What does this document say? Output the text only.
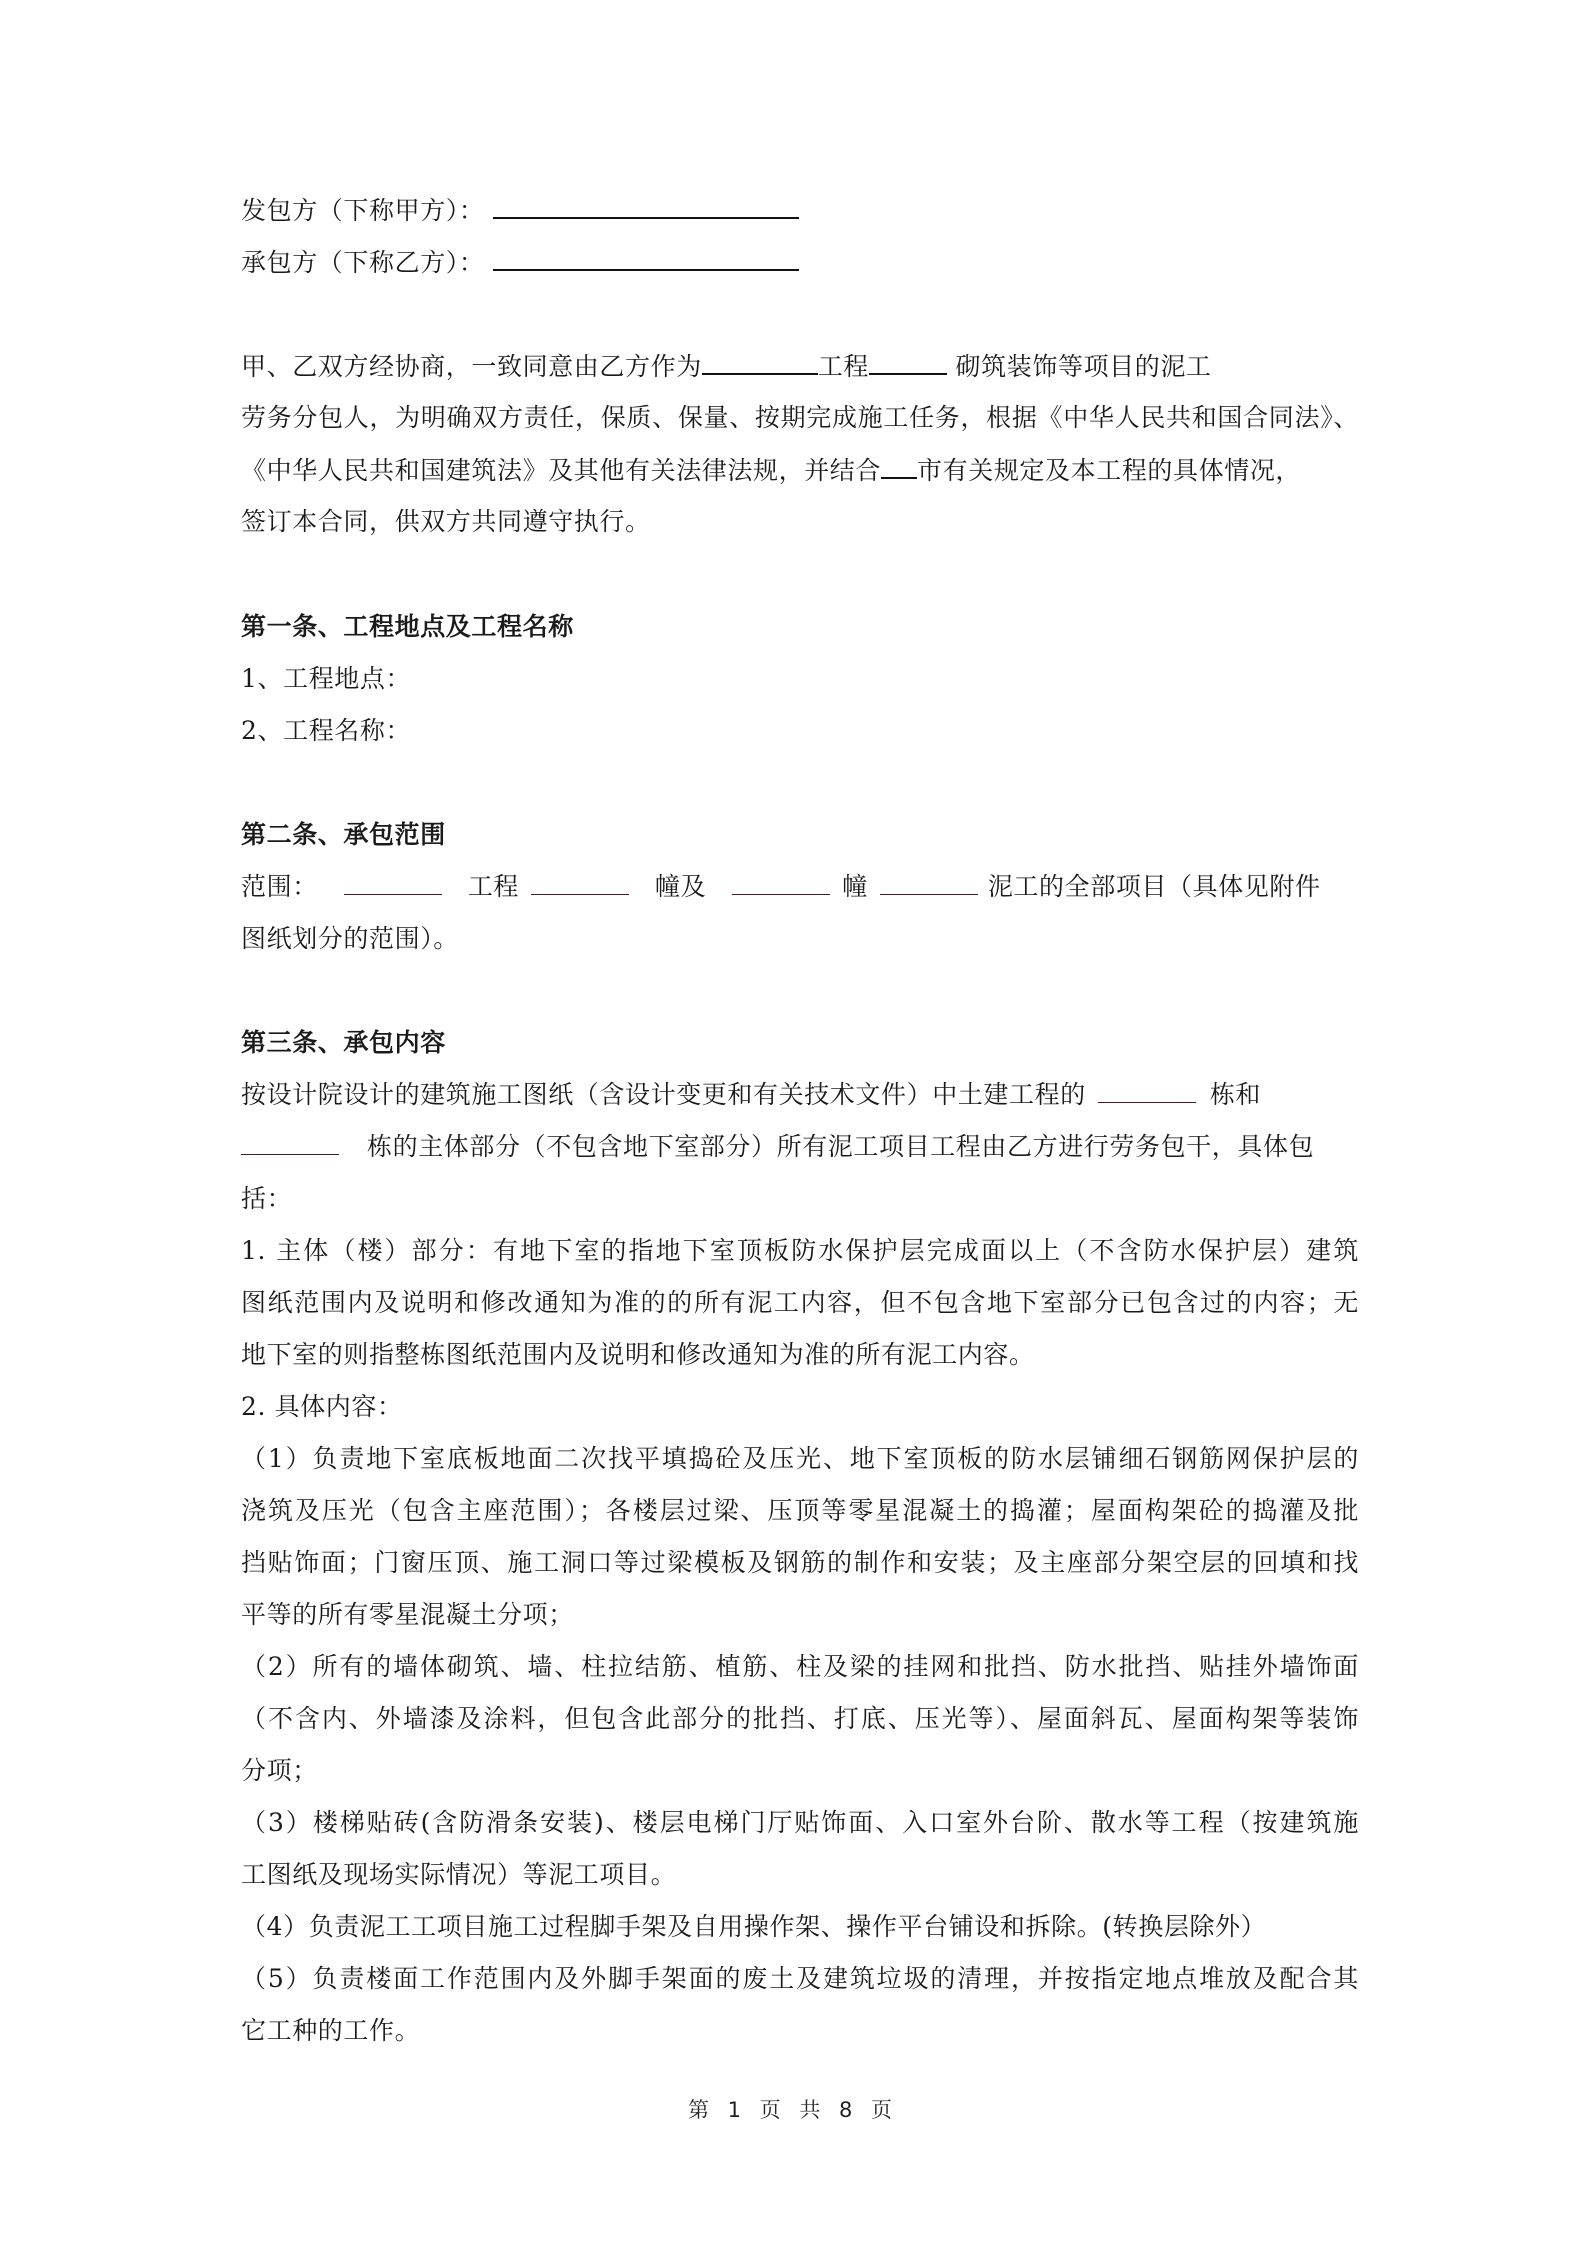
发包方（下称甲方）：
承包方（下称乙方）：
甲、乙双方经协商，一致同意由乙方作为	工程	砌筑装饰等项目的泥工
劳务分包人，为明确双方责任，保质、保量、按期完成施工任务，根据《中华人民共和国合同法》、
《中华人民共和国建筑法》及其他有关法律法规，并结合 市有关规定及本工程的具体情况，
签订本合同，供双方共同遵守执行。
第一条、工程地点及工程名称
1、工程地点：
2、工程名称：
第二条、承包范围
范围：	工程	幢及	幢	泥工的全部项目（具体见附件
图纸划分的范围）。
第三条、承包内容
按设计院设计的建筑施工图纸（含设计变更和有关技术文件）中土建工程的	栋和
栋的主体部分（不包含地下室部分）所有泥工项目工程由乙方进行劳务包干，具体包
括：
1. 主体（楼）部分：有地下室的指地下室顶板防水保护层完成面以上（不含防水保护层）建筑
图纸范围内及说明和修改通知为准的的所有泥工内容，但不包含地下室部分已包含过的内容；无
地下室的则指整栋图纸范围内及说明和修改通知为准的所有泥工内容。
2. 具体内容：
（1）负责地下室底板地面二次找平填捣砼及压光、地下室顶板的防水层铺细石钢筋网保护层的
浇筑及压光（包含主座范围）；各楼层过梁、压顶等零星混凝土的捣灌；屋面构架砼的捣灌及批
挡贴饰面；门窗压顶、施工洞口等过梁模板及钢筋的制作和安装；及主座部分架空层的回填和找
平等的所有零星混凝土分项；
（2）所有的墙体砌筑、墙、柱拉结筋、植筋、柱及梁的挂网和批挡、防水批挡、贴挂外墙饰面
（不含内、外墙漆及涂料，但包含此部分的批挡、打底、压光等）、屋面斜瓦、屋面构架等装饰
分项；
（3）楼梯贴砖(含防滑条安装)、楼层电梯门厅贴饰面、入口室外台阶、散水等工程（按建筑施
工图纸及现场实际情况）等泥工项目。
（4）负责泥工工项目施工过程脚手架及自用操作架、操作平台铺设和拆除。(转换层除外）
（5）负责楼面工作范围内及外脚手架面的废土及建筑垃圾的清理，并按指定地点堆放及配合其
它工种的工作。
第 1 页 共 8 页
